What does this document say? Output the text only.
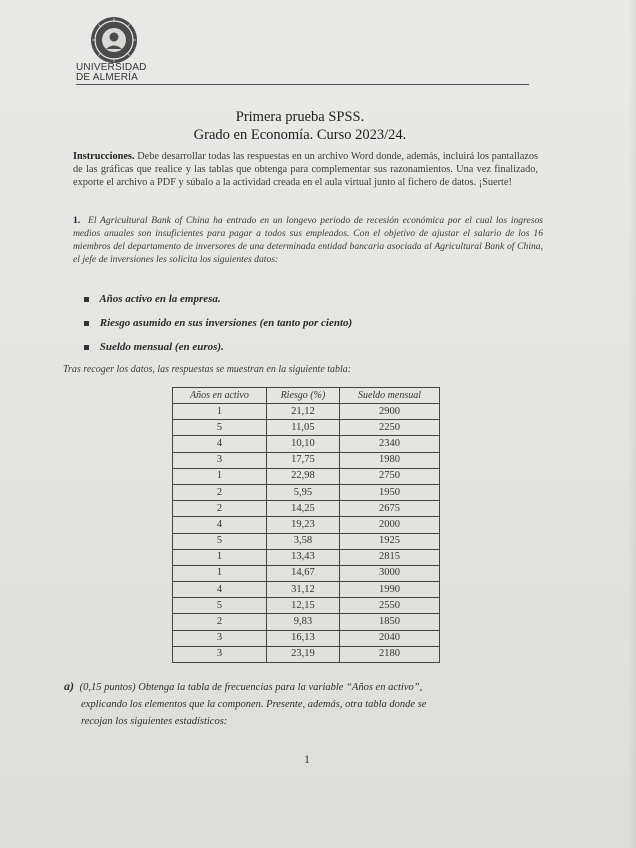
UNIVERSIDAD
DE ALMERÍA
Primera prueba SPSS.
Grado en Economía. Curso 2023/24.
Instrucciones. Debe desarrollar todas las respuestas en un archivo Word donde, además, incluirá los pantallazos de las gráficas que realice y las tablas que obtenga para complementar sus razonamientos. Una vez finalizado, exporte el archivo a PDF y súbalo a la actividad creada en el aula virtual junto al fichero de datos. ¡Suerte!
1. El Agricultural Bank of China ha entrado en un longevo periodo de recesión económica por el cual los ingresos medios anuales son insuficientes para pagar a todos sus empleados. Con el objetivo de ajustar el salario de los 16 miembros del departamento de inversores de una determinada entidad bancaria asociada al Agricultural Bank of China, el jefe de inversiones les solicita los siguientes datos:
Años activo en la empresa.
Riesgo asumido en sus inversiones (en tanto por ciento)
Sueldo mensual (en euros).
Tras recoger los datos, las respuestas se muestran en la siguiente tabla:
Años en activo	Riesgo (%)	Sueldo mensual
1	21,12	2900
5	11,05	2250
4	10,10	2340
3	17,75	1980
1	22,98	2750
2	5,95	1950
2	14,25	2675
4	19,23	2000
5	3,58	1925
1	13,43	2815
1	14,67	3000
4	31,12	1990
5	12,15	2550
2	9,83	1850
3	16,13	2040
3	23,19	2180
a) (0,15 puntos) Obtenga la tabla de frecuencias para la variable “Años en activo”,
explicando los elementos que la componen. Presente, además, otra tabla donde se
recojan los siguientes estadísticos:
1
